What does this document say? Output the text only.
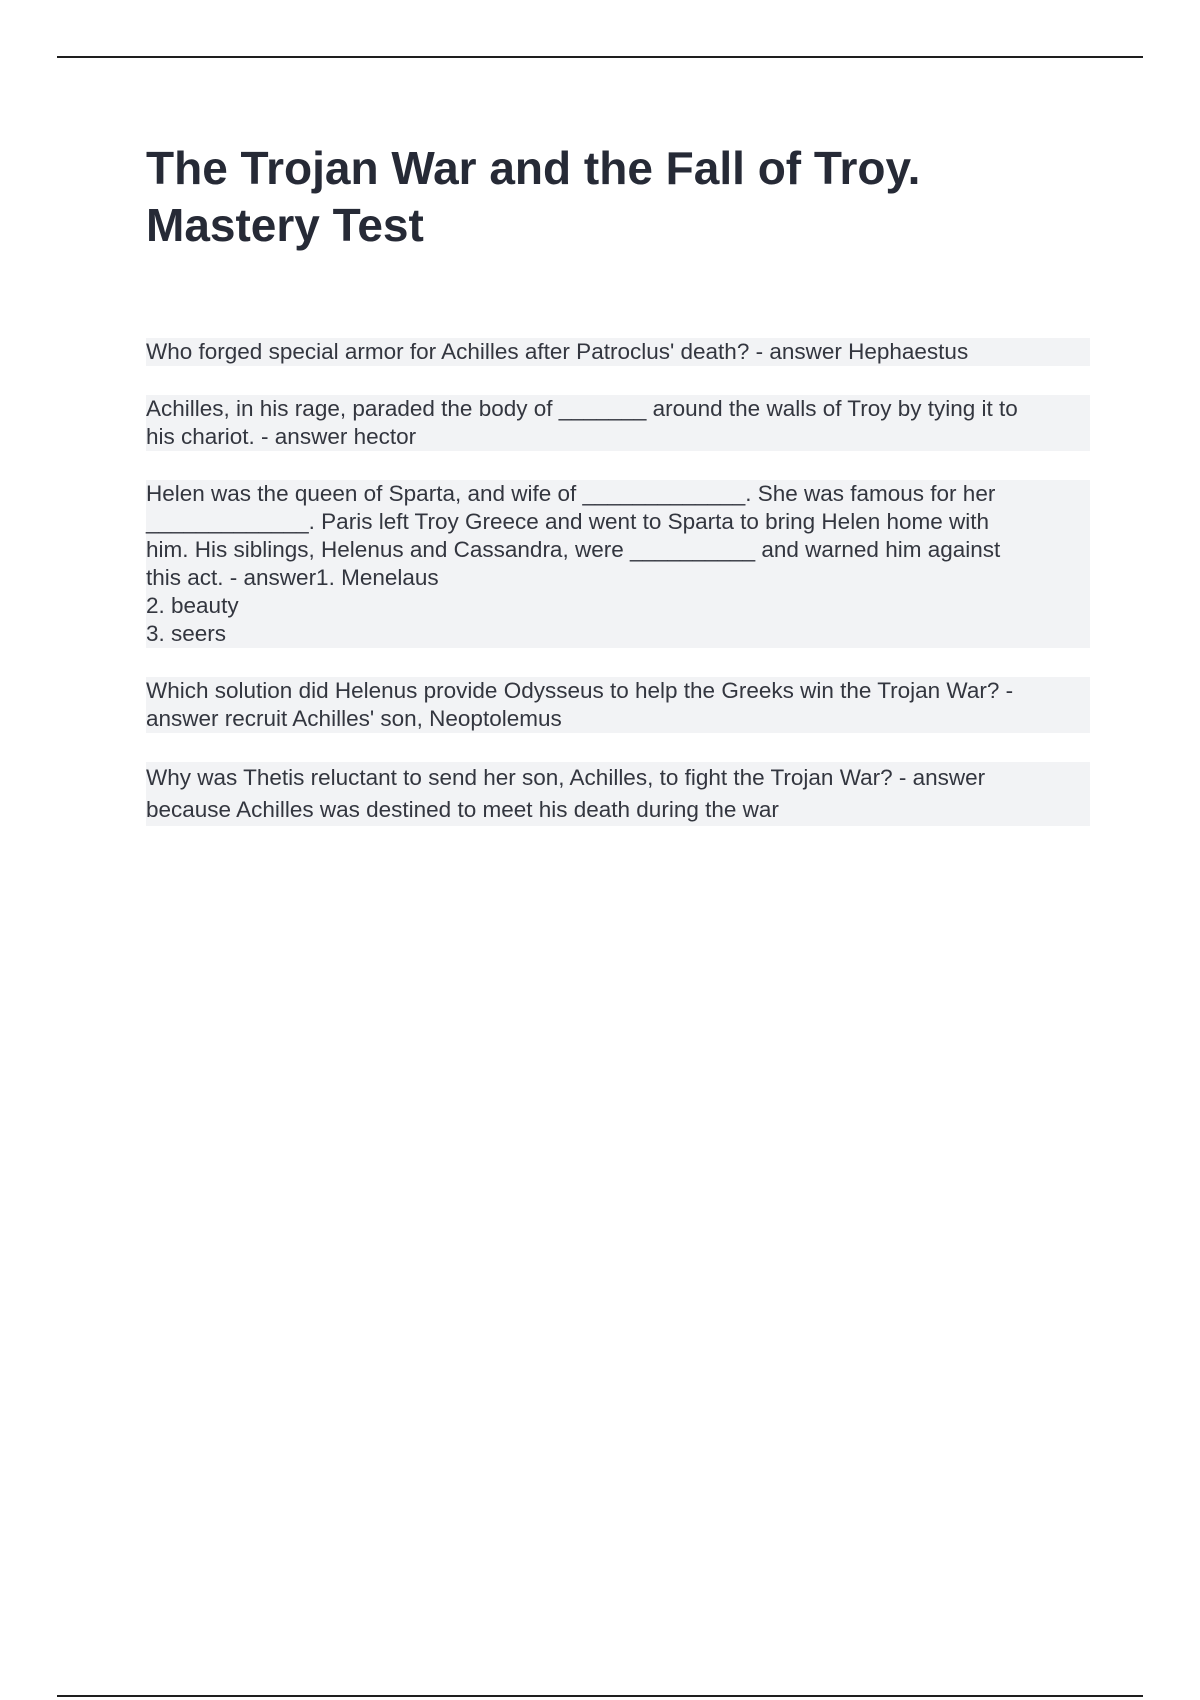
The Trojan War and the Fall of Troy.
Mastery Test
Who forged special armor for Achilles after Patroclus' death? - answer Hephaestus
Achilles, in his rage, paraded the body of _______ around the walls of Troy by tying it to
his chariot. - answer hector
Helen was the queen of Sparta, and wife of _____________. She was famous for her
_____________. Paris left Troy Greece and went to Sparta to bring Helen home with
him. His siblings, Helenus and Cassandra, were __________ and warned him against
this act. - answer1. Menelaus
2. beauty
3. seers
Which solution did Helenus provide Odysseus to help the Greeks win the Trojan War? -
answer recruit Achilles' son, Neoptolemus
Why was Thetis reluctant to send her son, Achilles, to fight the Trojan War? - answer
because Achilles was destined to meet his death during the war
